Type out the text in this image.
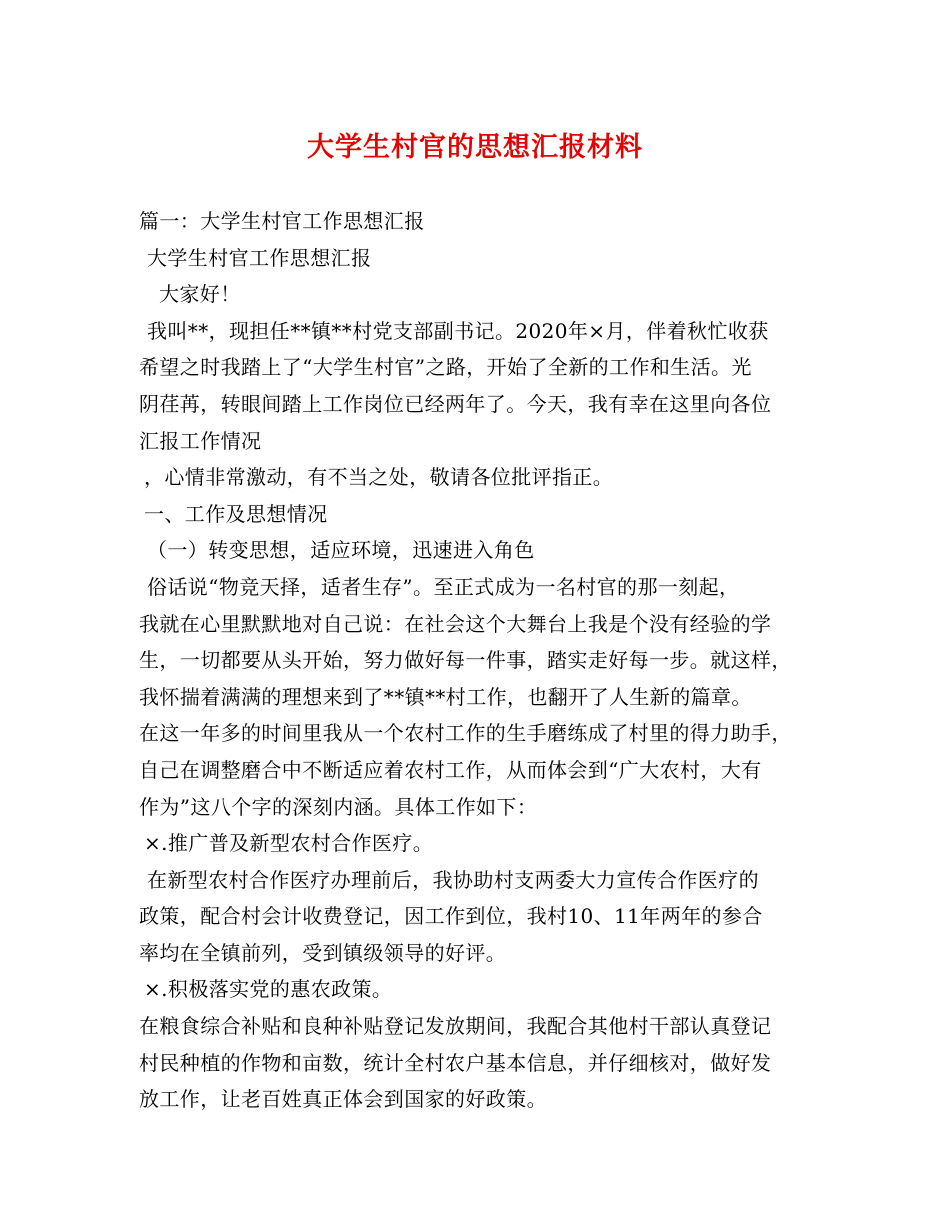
大学生村官的思想汇报材料
篇一：大学生村官工作思想汇报
大学生村官工作思想汇报
大家好！
我叫**，现担任**镇**村党支部副书记。2020年×月，伴着秋忙收获
希望之时我踏上了“大学生村官”之路，开始了全新的工作和生活。光
阴荏苒，转眼间踏上工作岗位已经两年了。今天，我有幸在这里向各位
汇报工作情况
，心情非常激动，有不当之处，敬请各位批评指正。
一、工作及思想情况
（一）转变思想，适应环境，迅速进入角色
俗话说“物竞天择，适者生存”。至正式成为一名村官的那一刻起，
我就在心里默默地对自己说：在社会这个大舞台上我是个没有经验的学
生，一切都要从头开始，努力做好每一件事，踏实走好每一步。就这样，
我怀揣着满满的理想来到了**镇**村工作，也翻开了人生新的篇章。
在这一年多的时间里我从一个农村工作的生手磨练成了村里的得力助手，
自己在调整磨合中不断适应着农村工作，从而体会到“广大农村，大有
作为”这八个字的深刻内涵。具体工作如下：
×.推广普及新型农村合作医疗。
在新型农村合作医疗办理前后，我协助村支两委大力宣传合作医疗的
政策，配合村会计收费登记，因工作到位，我村10、11年两年的参合
率均在全镇前列，受到镇级领导的好评。
×.积极落实党的惠农政策。
在粮食综合补贴和良种补贴登记发放期间，我配合其他村干部认真登记
村民种植的作物和亩数，统计全村农户基本信息，并仔细核对，做好发
放工作，让老百姓真正体会到国家的好政策。
